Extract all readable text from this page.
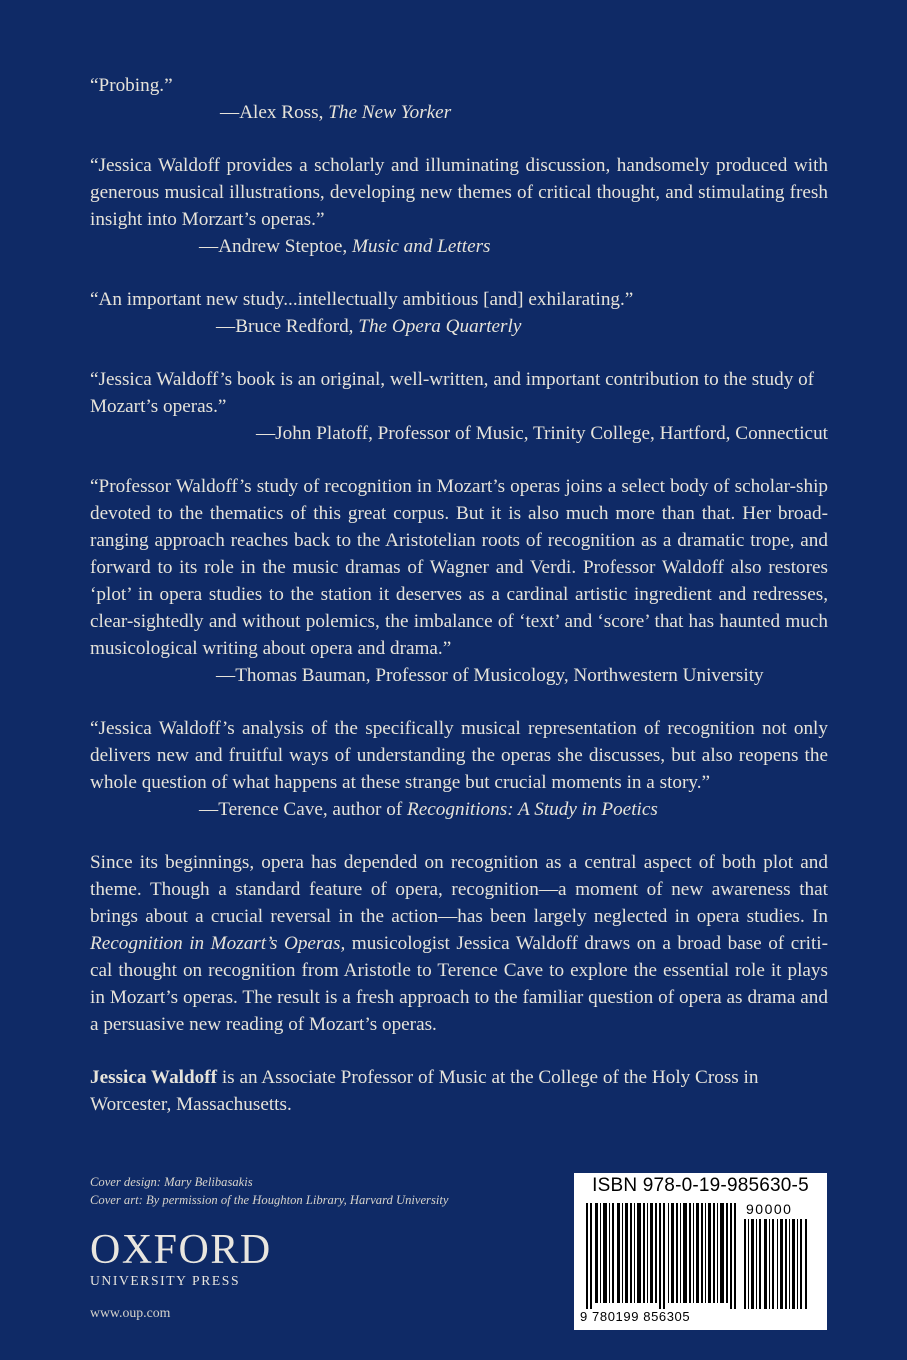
“Probing.”

—Alex Ross, The New Yorker

“Jessica Waldoff provides a scholarly and illuminating discussion, handsomely produced with generous musical illustrations, developing new themes of critical thought, and stimulating fresh insight into Morzart’s operas.”

—Andrew Steptoe, Music and Letters

“An important new study...intellectually ambitious [and] exhilarating.”

—Bruce Redford, The Opera Quarterly

“Jessica Waldoff’s book is an original, well-written, and important contribution to the study of Mozart’s operas.”

—John Platoff, Professor of Music, Trinity College, Hartford, Connecticut

“Professor Waldoff’s study of recognition in Mozart’s operas joins a select body of scholar-ship devoted to the thematics of this great corpus. But it is also much more than that. Her broad-ranging approach reaches back to the Aristotelian roots of recognition as a dramatic trope, and forward to its role in the music dramas of Wagner and Verdi. Professor Waldoff also restores ‘plot’ in opera studies to the station it deserves as a cardinal artistic ingredient and redresses, clear-sightedly and without polemics, the imbalance of ‘text’ and ‘score’ that has haunted much musicological writing about opera and drama.”

—Thomas Bauman, Professor of Musicology, Northwestern University

“Jessica Waldoff’s analysis of the specifically musical representation of recognition not only delivers new and fruitful ways of understanding the operas she discusses, but also reopens the whole question of what happens at these strange but crucial moments in a story.”

—Terence Cave, author of Recognitions: A Study in Poetics

Since its beginnings, opera has depended on recognition as a central aspect of both plot and theme. Though a standard feature of opera, recognition—a moment of new awareness that brings about a crucial reversal in the action—has been largely neglected in opera studies. In Recognition in Mozart’s Operas, musicologist Jessica Waldoff draws on a broad base of criti-cal thought on recognition from Aristotle to Terence Cave to explore the essential role it plays in Mozart’s operas. The result is a fresh approach to the familiar question of opera as drama and a persuasive new reading of Mozart’s operas.

Jessica Waldoff is an Associate Professor of Music at the College of the Holy Cross in Worcester, Massachusetts.

Cover design: Mary Belibasakis
Cover art: By permission of the Houghton Library, Harvard University
OXFORD
UNIVERSITY PRESS
www.oup.com
ISBN 978-0-19-985630-5
90000
9 780199 856305
